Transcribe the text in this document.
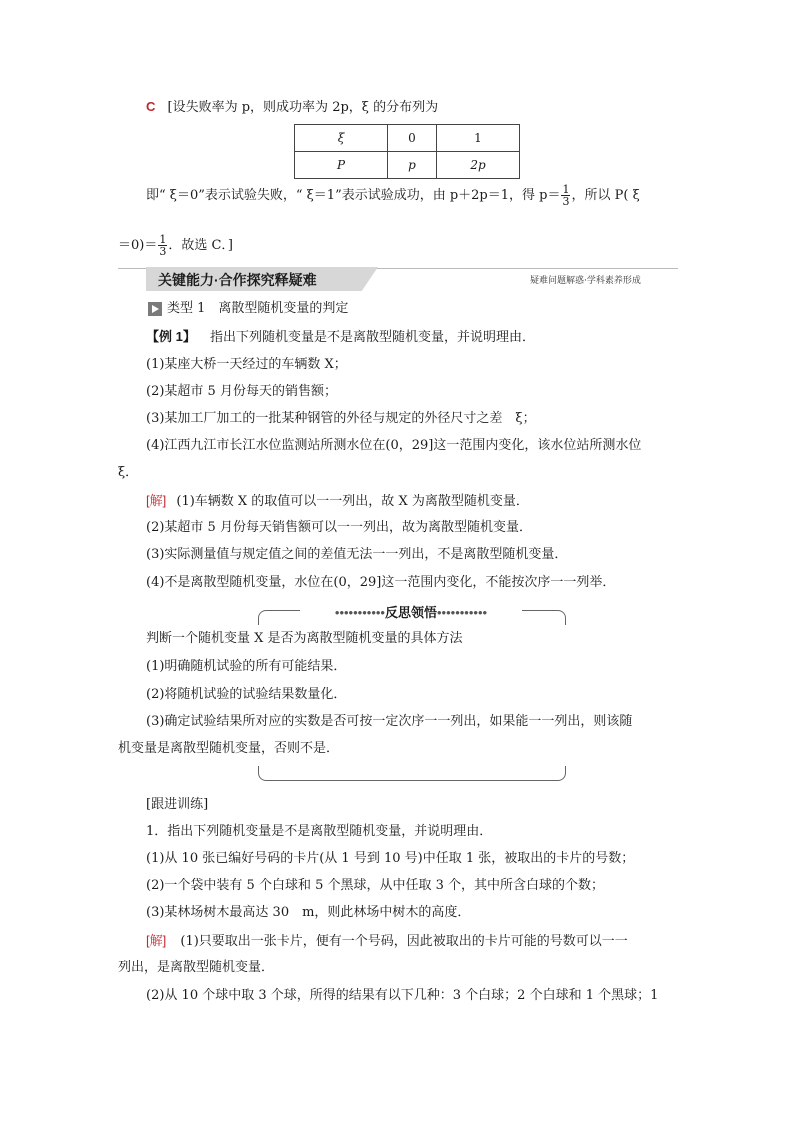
C [设失败率为 p，则成功率为 2p，ξ 的分布列为
ξ	0	1
P	p	2p
即“ ξ＝0”表示试验失败，“ ξ＝1”表示试验成功，由 p＋2p＝1，得 $p= \frac{1}{3}$ ，所以 P( ξ
$=0)= \frac{1}{3}$ ．故选 C．]
关键能力·合作探究释疑难	疑难问题解惑·学科素养形成
类型 1　离散型随机变量的判定
【例 1】 指出下列随机变量是不是离散型随机变量，并说明理由．
(1)某座大桥一天经过的车辆数 X；
(2)某超市 5 月份每天的销售额；
(3)某加工厂加工的一批某种钢管的外径与规定的外径尺寸之差　ξ；
(4)江西九江市长江水位监测站所测水位在(0，29]这一范围内变化，该水位站所测水位
ξ．
[解] (1)车辆数 X 的取值可以一一列出，故 X 为离散型随机变量．
(2)某超市 5 月份每天销售额可以一一列出，故为离散型随机变量．
(3)实际测量值与规定值之间的差值无法一一列出，不是离散型随机变量．
(4)不是离散型随机变量，水位在(0，29]这一范围内变化，不能按次序一一列举．
•••••••••••反思领悟•••••••••••
判断一个随机变量 X 是否为离散型随机变量的具体方法
(1)明确随机试验的所有可能结果．
(2)将随机试验的试验结果数量化．
(3)确定试验结果所对应的实数是否可按一定次序一一列出，如果能一一列出，则该随
机变量是离散型随机变量，否则不是．
[跟进训练]
1．指出下列随机变量是不是离散型随机变量，并说明理由．
(1)从 10 张已编好号码的卡片(从 1 号到 10 号)中任取 1 张，被取出的卡片的号数；
(2)一个袋中装有 5 个白球和 5 个黑球，从中任取 3 个，其中所含白球的个数；
(3)某林场树木最高达 30　m，则此林场中树木的高度．
[解] (1)只要取出一张卡片，便有一个号码，因此被取出的卡片可能的号数可以一一
列出，是离散型随机变量．
(2)从 10 个球中取 3 个球，所得的结果有以下几种：3 个白球；2 个白球和 1 个黑球；1
